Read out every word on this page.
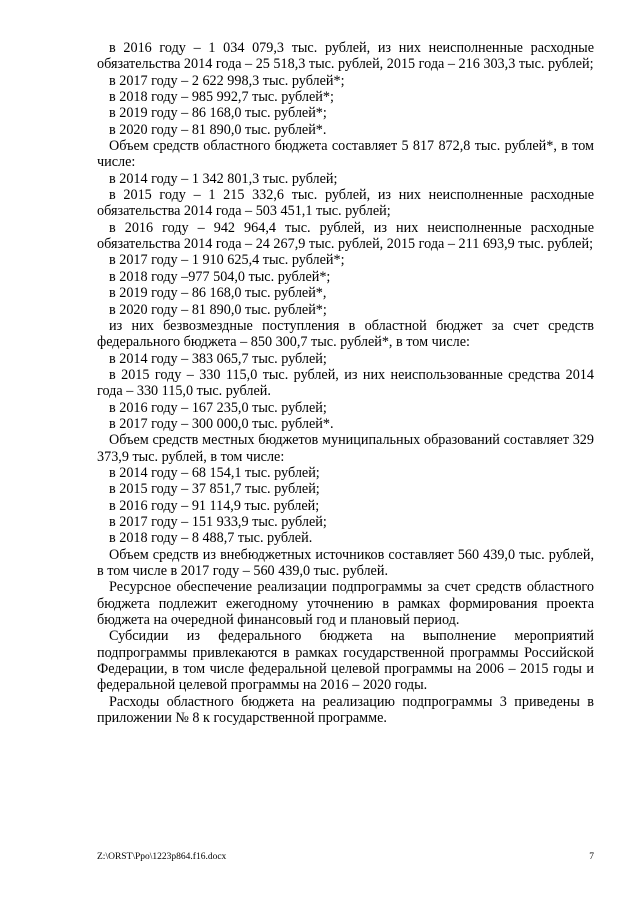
в 2016 году – 1 034 079,3 тыс. рублей, из них неисполненные расходные обязательства 2014 года – 25 518,3 тыс. рублей, 2015 года – 216 303,3 тыс. рублей;

в 2017 году – 2 622 998,3 тыс. рублей*;

в 2018 году – 985 992,7 тыс. рублей*;

в 2019 году – 86 168,0 тыс. рублей*;

в 2020 году – 81 890,0 тыс. рублей*.

Объем средств областного бюджета составляет 5 817 872,8 тыс. рублей*, в том числе:

в 2014 году – 1 342 801,3 тыс. рублей;

в 2015 году – 1 215 332,6 тыс. рублей, из них неисполненные расходные обязательства 2014 года – 503 451,1 тыс. рублей;

в 2016 году – 942 964,4 тыс. рублей, из них неисполненные расходные обязательства 2014 года – 24 267,9 тыс. рублей, 2015 года – 211 693,9 тыс. рублей;

в 2017 году – 1 910 625,4 тыс. рублей*;

в 2018 году –977 504,0 тыс. рублей*;

в 2019 году – 86 168,0 тыс. рублей*,

в 2020 году – 81 890,0 тыс. рублей*;

из них безвозмездные поступления в областной бюджет за счет средств федерального бюджета – 850 300,7 тыс. рублей*, в том числе:

в 2014 году – 383 065,7 тыс. рублей;

в 2015 году – 330 115,0 тыс. рублей, из них неиспользованные средства 2014 года – 330 115,0 тыс. рублей.

в 2016 году – 167 235,0 тыс. рублей;

в 2017 году – 300 000,0 тыс. рублей*.

Объем средств местных бюджетов муниципальных образований составляет 329 373,9 тыс. рублей, в том числе:

в 2014 году – 68 154,1 тыс. рублей;

в 2015 году – 37 851,7 тыс. рублей;

в 2016 году – 91 114,9 тыс. рублей;

в 2017 году – 151 933,9 тыс. рублей;

в 2018 году – 8 488,7 тыс. рублей.

Объем средств из внебюджетных источников составляет 560 439,0 тыс. рублей, в том числе в 2017 году – 560 439,0 тыс. рублей.

Ресурсное обеспечение реализации подпрограммы за счет средств областного бюджета подлежит ежегодному уточнению в рамках формирования проекта бюджета на очередной финансовый год и плановый период.

Субсидии из федерального бюджета на выполнение мероприятий подпрограммы привлекаются в рамках государственной программы Российской Федерации, в том числе федеральной целевой программы на 2006 – 2015 годы и федеральной целевой программы на 2016 – 2020 годы.

Расходы областного бюджета на реализацию подпрограммы 3 приведены в приложении № 8 к государственной программе.

Z:\ORST\Ppo\1223p864.f16.docx	7
